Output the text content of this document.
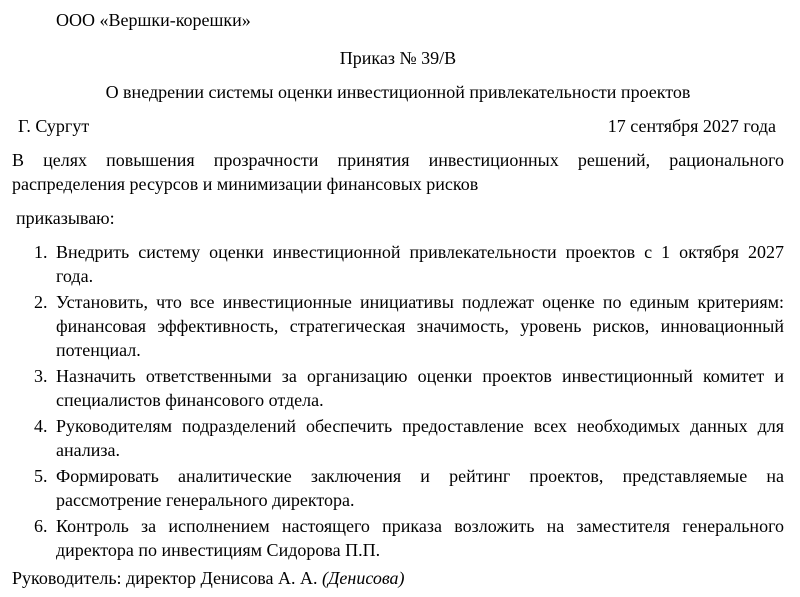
ООО «Вершки-корешки»
Приказ № 39/В
О внедрении системы оценки инвестиционной привлекательности проектов
Г. Сургут	17 сентября 2027 года
В целях повышения прозрачности принятия инвестиционных решений, рационального распределения ресурсов и минимизации финансовых рисков
приказываю:
1. Внедрить систему оценки инвестиционной привлекательности проектов с 1 октября 2027 года.
2. Установить, что все инвестиционные инициативы подлежат оценке по единым критериям: финансовая эффективность, стратегическая значимость, уровень рисков, инновационный потенциал.
3. Назначить ответственными за организацию оценки проектов инвестиционный комитет и специалистов финансового отдела.
4. Руководителям подразделений обеспечить предоставление всех необходимых данных для анализа.
5. Формировать аналитические заключения и рейтинг проектов, представляемые на рассмотрение генерального директора.
6. Контроль за исполнением настоящего приказа возложить на заместителя генерального директора по инвестициям Сидорова П.П.
Руководитель: директор Денисова А. А. (Денисова)
